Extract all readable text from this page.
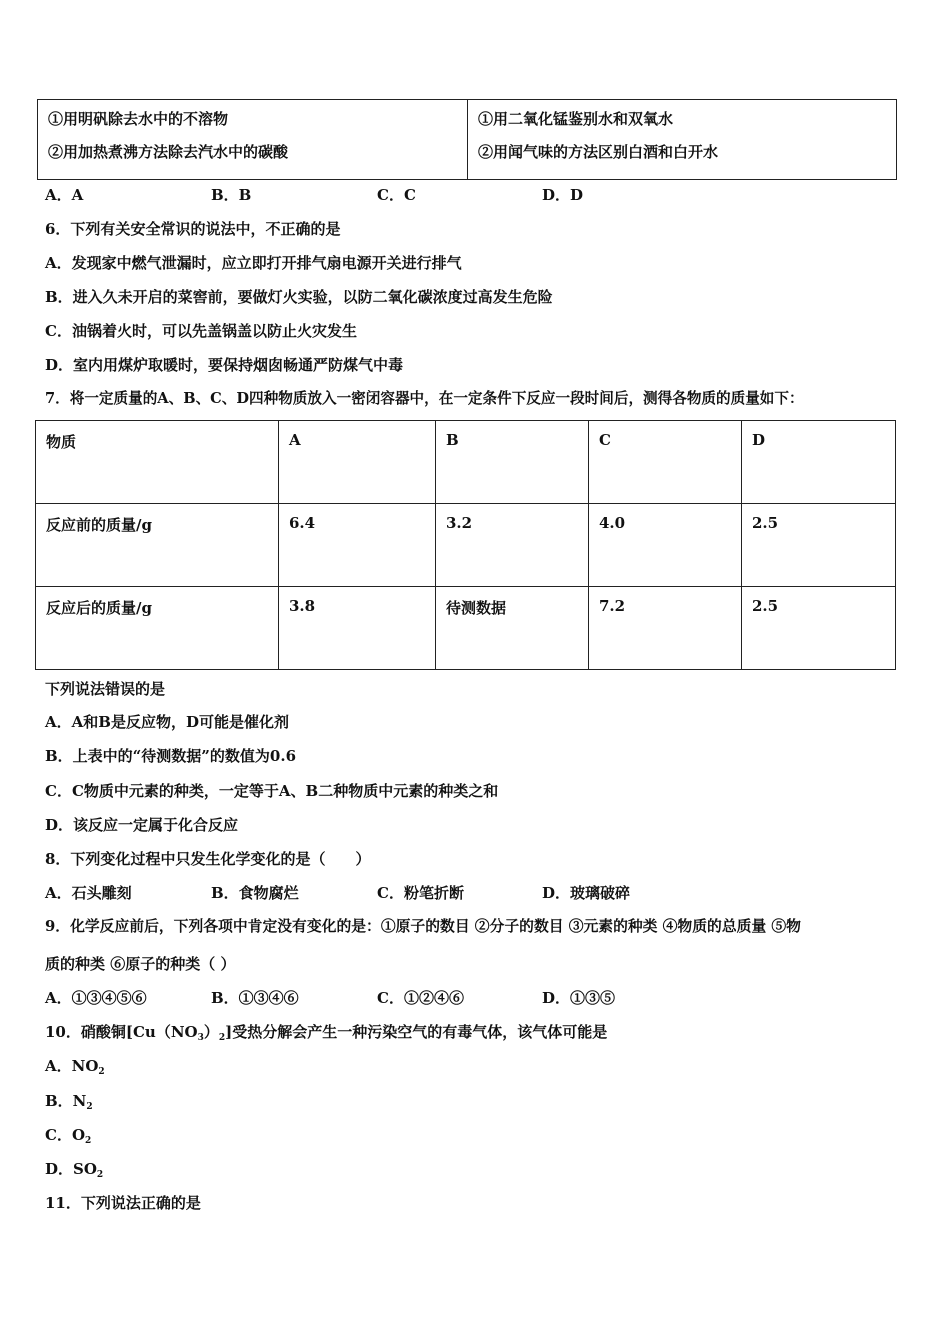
①用明矾除去水中的不溶物
②用加热煮沸方法除去汽水中的碳酸

①用二氧化锰鉴别水和双氧水
②用闻气味的方法区别白酒和白开水
A．A	B．B	C．C	D．D
6．下列有关安全常识的说法中，不正确的是
A．发现家中燃气泄漏时，应立即打开排气扇电源开关进行排气
B．进入久未开启的菜窖前，要做灯火实验，以防二氧化碳浓度过高发生危险
C．油锅着火时，可以先盖锅盖以防止火灾发生
D．室内用煤炉取暖时，要保持烟囱畅通严防煤气中毒
7．将一定质量的A、B、C、D四种物质放入一密闭容器中，在一定条件下反应一段时间后，测得各物质的质量如下：
物质	A	B	C	D
反应前的质量/g	6.4	3.2	4.0	2.5
反应后的质量/g	3.8	待测数据	7.2	2.5
下列说法错误的是
A．A和B是反应物，D可能是催化剂
B．上表中的“待测数据”的数值为0.6
C．C物质中元素的种类，一定等于A、B二种物质中元素的种类之和
D．该反应一定属于化合反应
8．下列变化过程中只发生化学变化的是（　　）
A．石头雕刻	B．食物腐烂	C．粉笔折断	D．玻璃破碎
9．化学反应前后，下列各项中肯定没有变化的是：①原子的数目 ②分子的数目 ③元素的种类 ④物质的总质量 ⑤物
质的种类 ⑥原子的种类（ ）
A．①③④⑤⑥	B．①③④⑥	C．①②④⑥	D．①③⑤
10．硝酸铜$[Cu(NO_3)_2]$受热分解会产生一种污染空气的有毒气体，该气体可能是
A．$NO_2$
B．$N_2$
C．$O_2$
D．$SO_2$
11．下列说法正确的是
